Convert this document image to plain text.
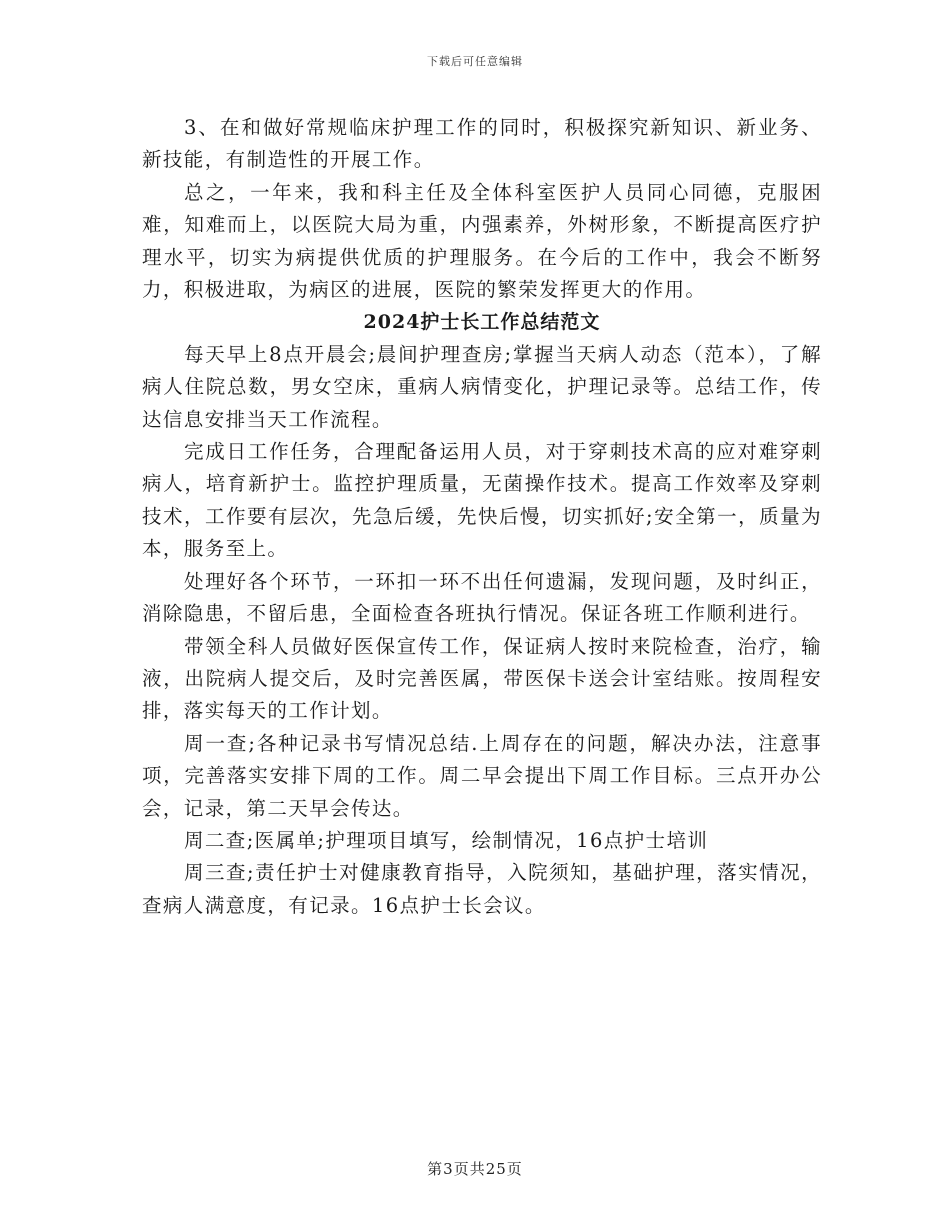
下载后可任意编辑

3、在和做好常规临床护理工作的同时，积极探究新知识、新业务、新技能，有制造性的开展工作。

总之，一年来，我和科主任及全体科室医护人员同心同德，克服困难，知难而上，以医院大局为重，内强素养，外树形象，不断提高医疗护理水平，切实为病提供优质的护理服务。在今后的工作中，我会不断努力，积极进取，为病区的进展，医院的繁荣发挥更大的作用。

2024护士长工作总结范文

每天早上8点开晨会;晨间护理查房;掌握当天病人动态（范本），了解病人住院总数，男女空床，重病人病情变化，护理记录等。总结工作，传达信息安排当天工作流程。

完成日工作任务，合理配备运用人员，对于穿刺技术高的应对难穿刺病人，培育新护士。监控护理质量，无菌操作技术。提高工作效率及穿刺技术，工作要有层次，先急后缓，先快后慢，切实抓好;安全第一，质量为本，服务至上。

处理好各个环节，一环扣一环不出任何遗漏，发现问题，及时纠正，消除隐患，不留后患，全面检查各班执行情况。保证各班工作顺利进行。

带领全科人员做好医保宣传工作，保证病人按时来院检查，治疗，输液，出院病人提交后，及时完善医属，带医保卡送会计室结账。按周程安排，落实每天的工作计划。

周一查;各种记录书写情况总结.上周存在的问题，解决办法，注意事项，完善落实安排下周的工作。周二早会提出下周工作目标。三点开办公会，记录，第二天早会传达。

周二查;医属单;护理项目填写，绘制情况，16点护士培训

周三查;责任护士对健康教育指导，入院须知，基础护理，落实情况，查病人满意度，有记录。16点护士长会议。

第3页共25页
